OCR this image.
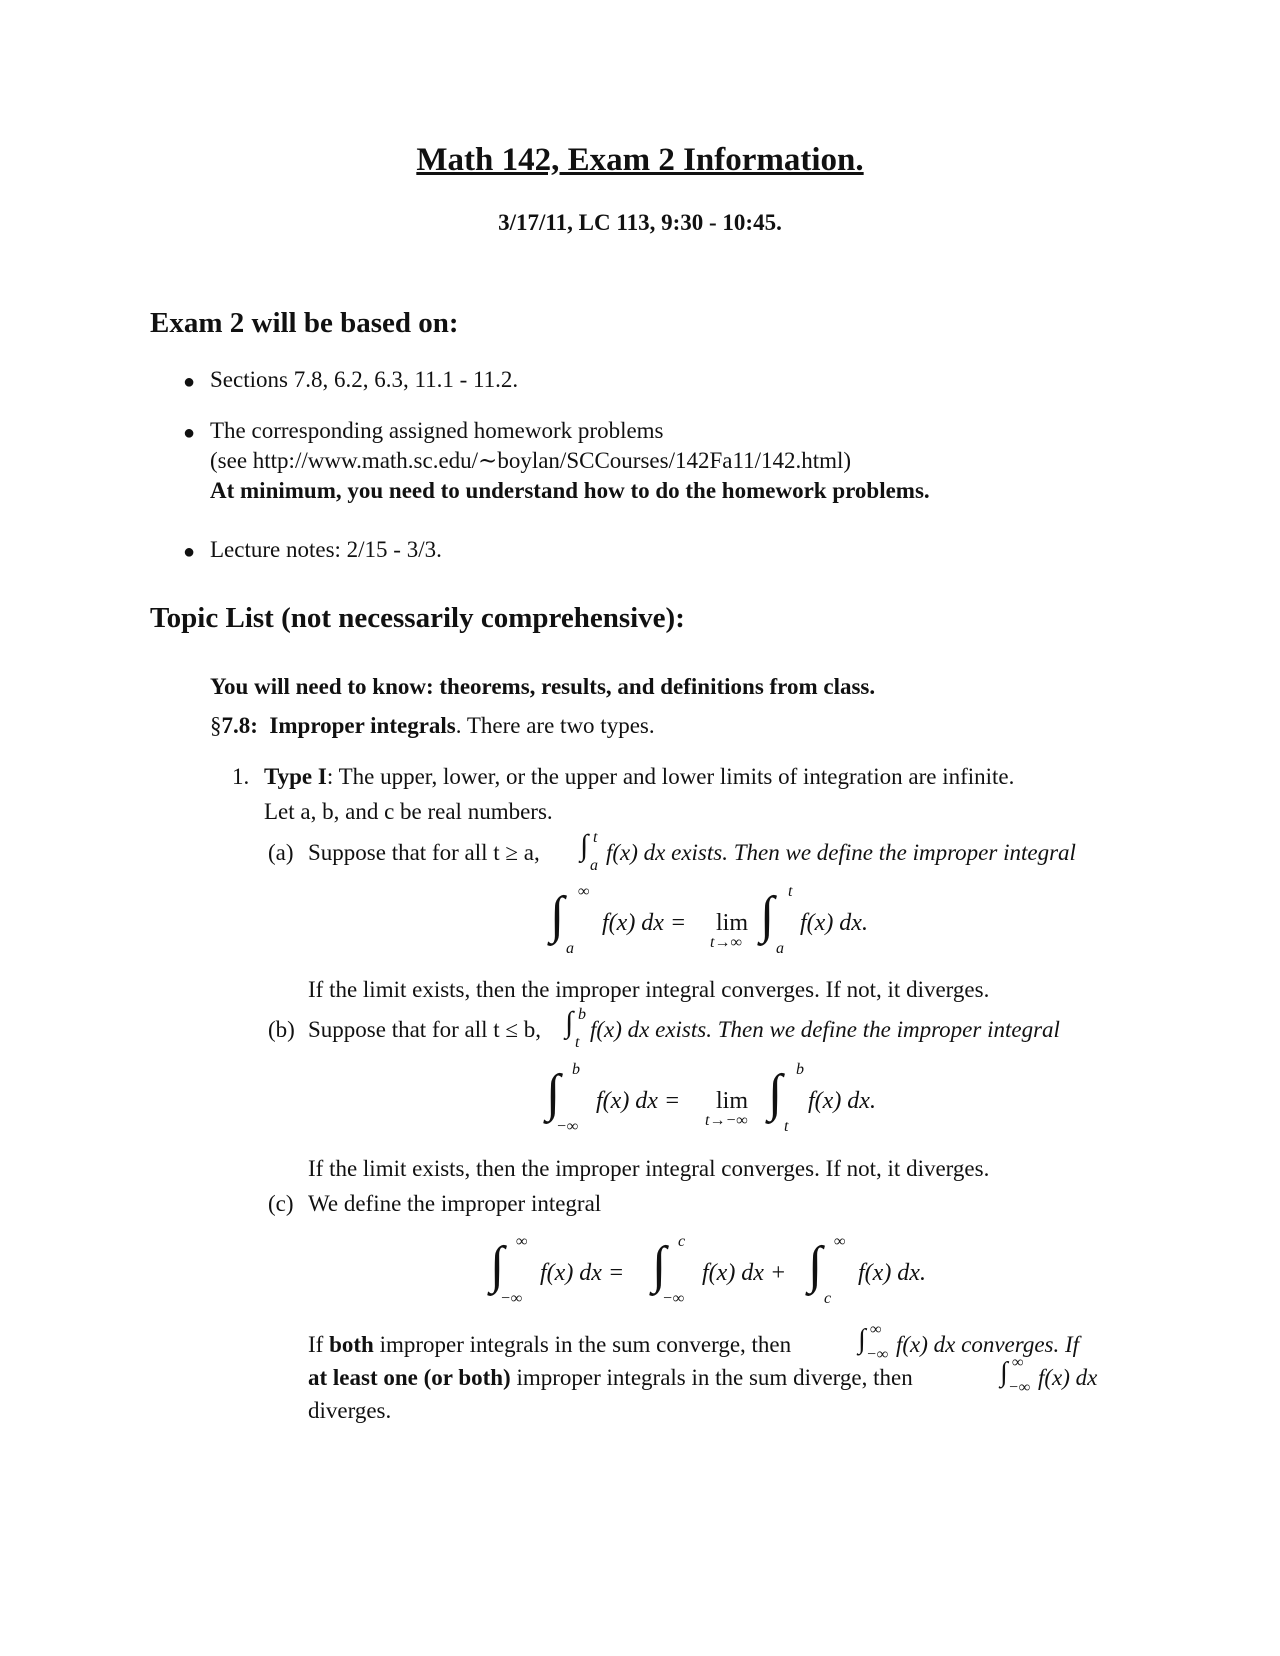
Math 142, Exam 2 Information.
3/17/11, LC 113, 9:30 - 10:45.
Exam 2 will be based on:
● Sections 7.8, 6.2, 6.3, 11.1 - 11.2.
● The corresponding assigned homework problems
(see http://www.math.sc.edu/∼boylan/SCCourses/142Fa11/142.html)
At minimum, you need to understand how to do the homework problems.
● Lecture notes: 2/15 - 3/3.
Topic List (not necessarily comprehensive):
You will need to know: theorems, results, and definitions from class.
§7.8:  Improper integrals. There are two types.
1. Type I: The upper, lower, or the upper and lower limits of integration are infinite.
Let a, b, and c be real numbers.
(a) Suppose that for all t ≥ a, ∫ t
a
f(x) dx exists. Then we define the improper integral
∫ ∞
a
f(x) dx = lim
t→∞ ∫ t
a
f(x) dx.
If the limit exists, then the improper integral converges. If not, it diverges.
(b) Suppose that for all t ≤ b, ∫ b
t
f(x) dx exists. Then we define the improper integral
∫ b
−∞
f(x) dx = lim
t→−∞ ∫ b
t
f(x) dx.
If the limit exists, then the improper integral converges. If not, it diverges.
(c) We define the improper integral
∫ ∞
−∞
f(x) dx = ∫ c
−∞
f(x) dx + ∫ ∞
c
f(x) dx.
If both improper integrals in the sum converge, then ∫ ∞
−∞ f(x) dx converges. If
at least one (or both) improper integrals in the sum diverge, then	∫ ∞
−∞ f(x) dx
diverges.
